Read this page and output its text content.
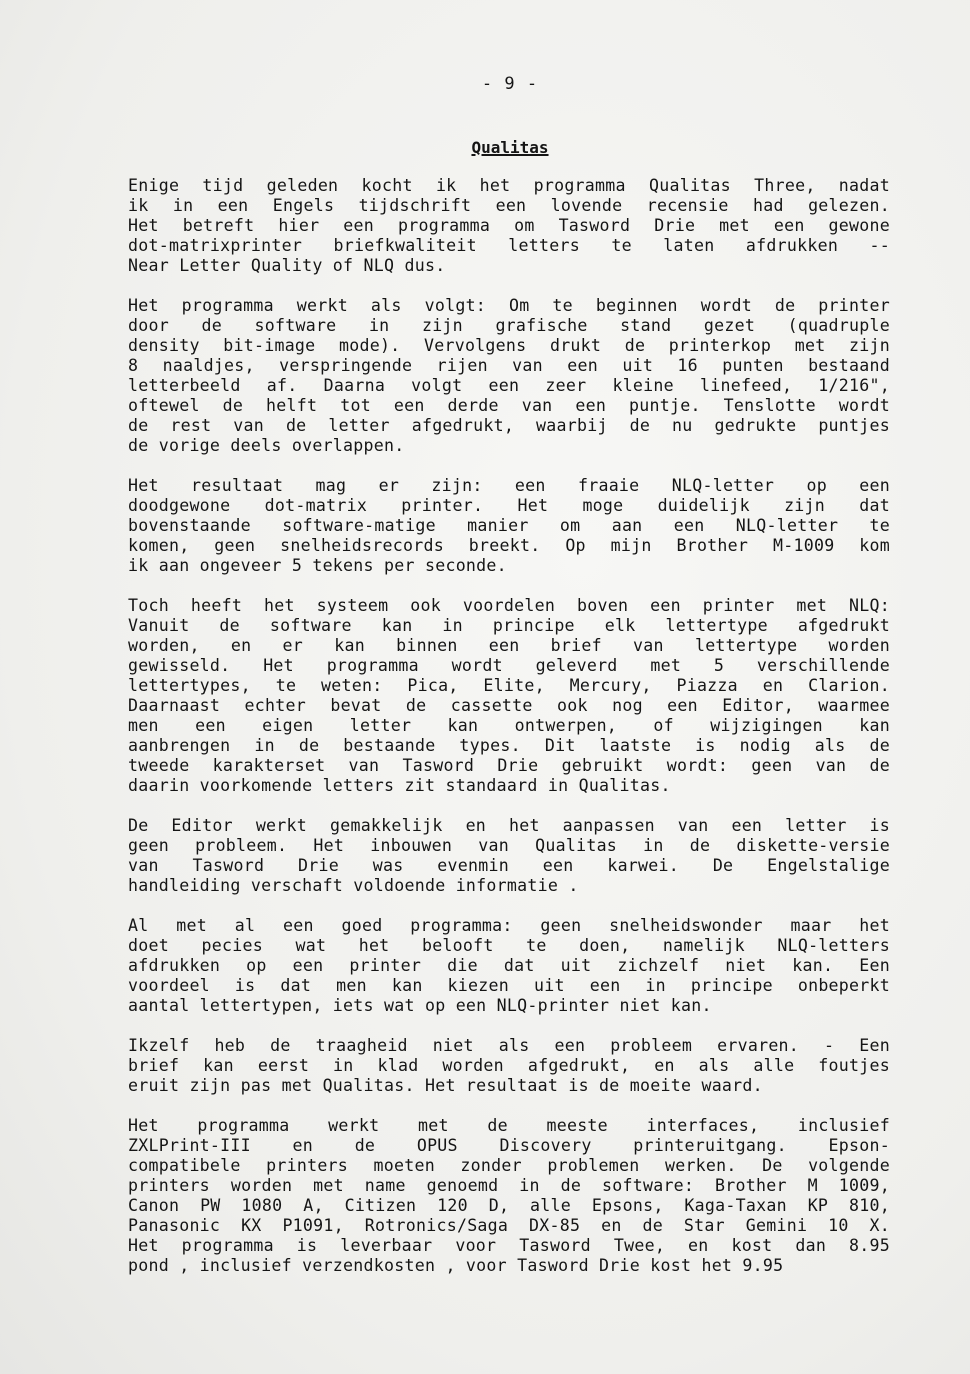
- 9 -
Qualitas
Enige tijd geleden kocht ik het programma Qualitas Three, nadat
ik in een Engels tijdschrift een lovende recensie had gelezen.
Het betreft hier een programma om Tasword Drie met een gewone
dot-matrixprinter briefkwaliteit letters te laten afdrukken --
Near Letter Quality of NLQ dus.
Het programma werkt als volgt: Om te beginnen wordt de printer
door de software in zijn grafische stand gezet (quadruple
density bit-image mode). Vervolgens drukt de printerkop met zijn
8 naaldjes, verspringende rijen van een uit 16 punten bestaand
letterbeeld af. Daarna volgt een zeer kleine linefeed, 1/216",
oftewel de helft tot een derde van een puntje. Tenslotte wordt
de rest van de letter afgedrukt, waarbij de nu gedrukte puntjes
de vorige deels overlappen.
Het resultaat mag er zijn: een fraaie NLQ-letter op een
doodgewone dot-matrix printer. Het moge duidelijk zijn dat
bovenstaande software-matige manier om aan een NLQ-letter te
komen, geen snelheidsrecords breekt. Op mijn Brother M-1009 kom
ik aan ongeveer 5 tekens per seconde.
Toch heeft het systeem ook voordelen boven een printer met NLQ:
Vanuit de software kan in principe elk lettertype afgedrukt
worden, en er kan binnen een brief van lettertype worden
gewisseld. Het programma wordt geleverd met 5 verschillende
lettertypes, te weten: Pica, Elite, Mercury, Piazza en Clarion.
Daarnaast echter bevat de cassette ook nog een Editor, waarmee
men een eigen letter kan ontwerpen, of wijzigingen kan
aanbrengen in de bestaande types. Dit laatste is nodig als de
tweede karakterset van Tasword Drie gebruikt wordt: geen van de
daarin voorkomende letters zit standaard in Qualitas.
De Editor werkt gemakkelijk en het aanpassen van een letter is
geen probleem. Het inbouwen van Qualitas in de diskette-versie
van Tasword Drie was evenmin een karwei. De Engelstalige
handleiding verschaft voldoende informatie .
Al met al een goed programma: geen snelheidswonder maar het
doet pecies wat het belooft te doen, namelijk NLQ-letters
afdrukken op een printer die dat uit zichzelf niet kan. Een
voordeel is dat men kan kiezen uit een in principe onbeperkt
aantal lettertypen, iets wat op een NLQ-printer niet kan.
Ikzelf heb de traagheid niet als een probleem ervaren. - Een
brief kan eerst in klad worden afgedrukt, en als alle foutjes
eruit zijn pas met Qualitas. Het resultaat is de moeite waard.
Het programma werkt met de meeste interfaces, inclusief
ZXLPrint-III en de OPUS Discovery printeruitgang. Epson-
compatibele printers moeten zonder problemen werken. De volgende
printers worden met name genoemd in de software: Brother M 1009,
Canon PW 1080 A, Citizen 120 D, alle Epsons, Kaga-Taxan KP 810,
Panasonic KX P1091, Rotronics/Saga DX-85 en de Star Gemini 10 X.
Het programma is leverbaar voor Tasword Twee, en kost dan 8.95
pond , inclusief verzendkosten , voor Tasword Drie kost het 9.95
